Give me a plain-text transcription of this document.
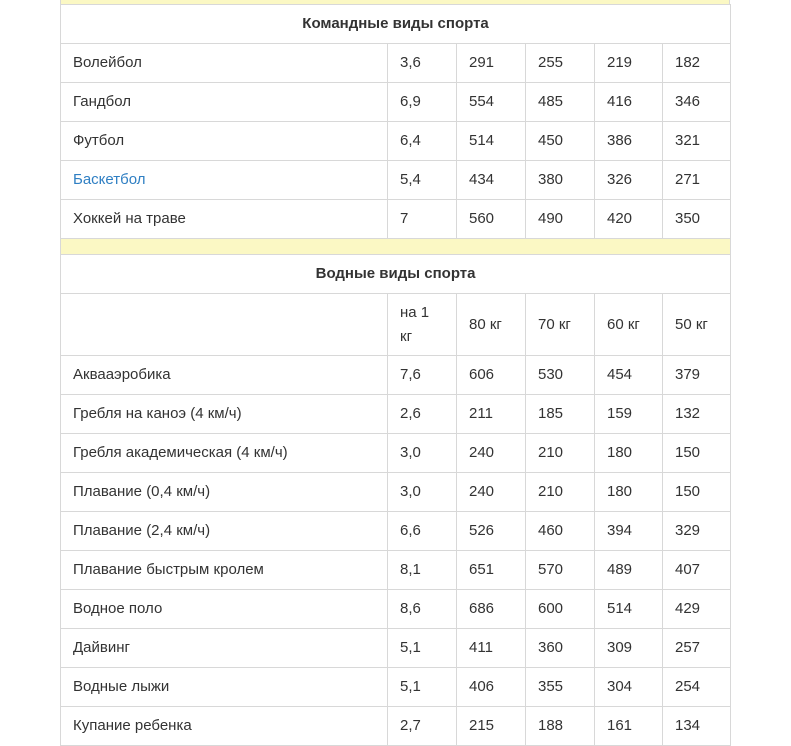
Командные виды спорта					
Волейбол	3,6	291	255	219	182
Гандбол	6,9	554	485	416	346
Футбол	6,4	514	450	386	321
Баскетбол	5,4	434	380	326	271
Хоккей на траве	7	560	490	420	350

Водные виды спорта					
	на 1 кг	80 кг	70 кг	60 кг	50 кг
Аквааэробика	7,6	606	530	454	379
Гребля на каноэ (4 км/ч)	2,6	211	185	159	132
Гребля академическая (4 км/ч)	3,0	240	210	180	150
Плавание (0,4 км/ч)	3,0	240	210	180	150
Плавание (2,4 км/ч)	6,6	526	460	394	329
Плавание быстрым кролем	8,1	651	570	489	407
Водное поло	8,6	686	600	514	429
Дайвинг	5,1	411	360	309	257
Водные лыжи	5,1	406	355	304	254
Купание ребенка	2,7	215	188	161	134
